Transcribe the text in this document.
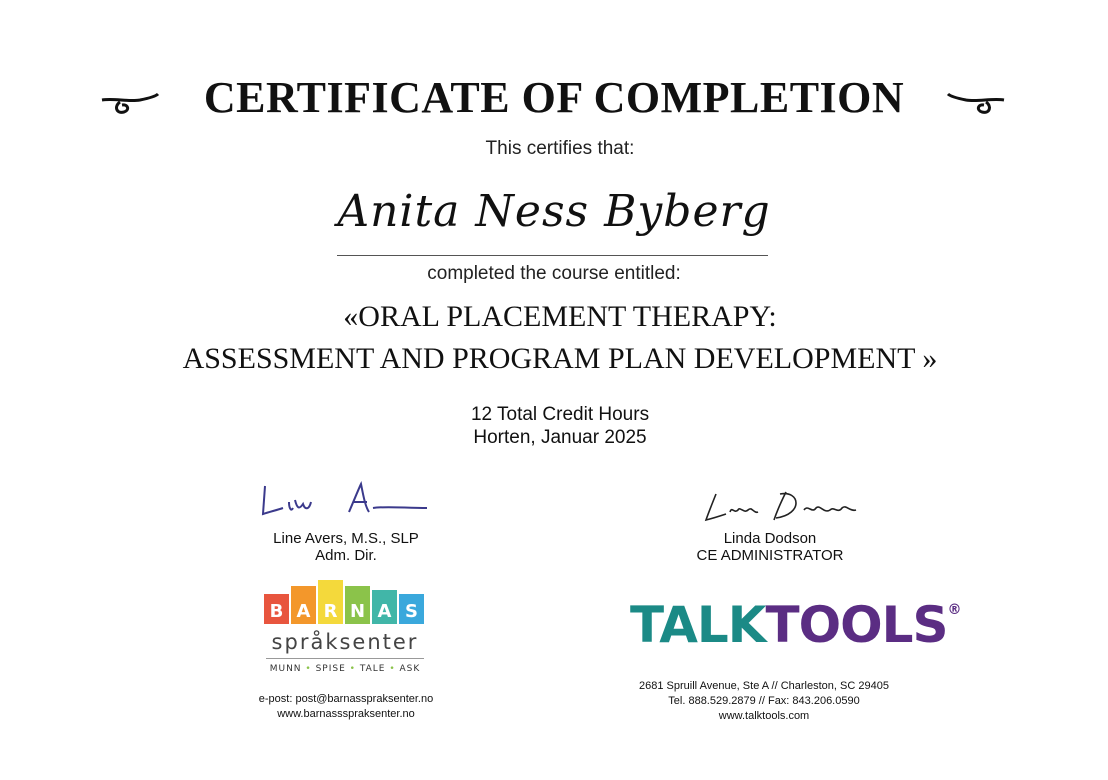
CERTIFICATE OF COMPLETION
This certifies that:
Anita Ness Byberg
completed the course entitled:
«ORAL PLACEMENT THERAPY:
ASSESSMENT AND PROGRAM PLAN DEVELOPMENT »
12 Total Credit Hours
Horten, Januar 2025
Line Avers, M.S., SLP
Adm. Dir.
B A R N A S
språksenter
MUNN • SPISE • TALE • ASK
e-post: post@barnasspraksenter.no
www.barnassspraksenter.no
Linda Dodson
CE ADMINISTRATOR
TALKTOOLS®
2681 Spruill Avenue, Ste A // Charleston, SC 29405
Tel. 888.529.2879 // Fax: 843.206.0590
www.talktools.com
